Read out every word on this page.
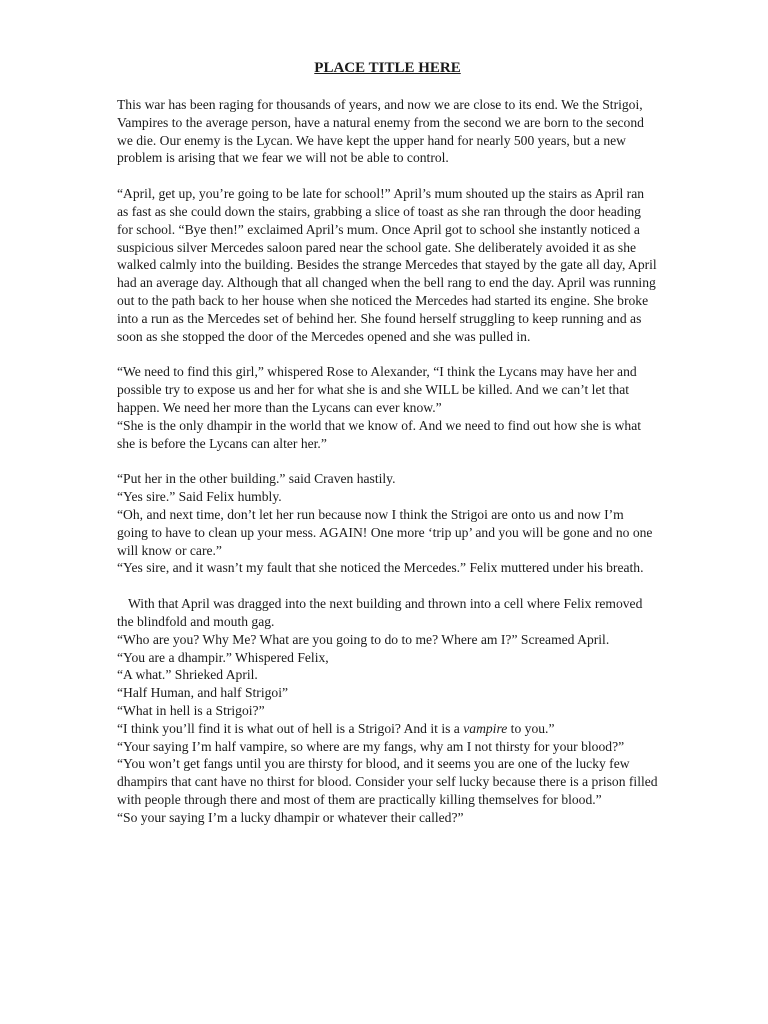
PLACE TITLE HERE
This war has been raging for thousands of years, and now we are close to its end. We the Strigoi, Vampires to the average person, have a natural enemy from the second we are born to the second we die. Our enemy is the Lycan. We have kept the upper hand for nearly 500 years, but a new problem is arising that we fear we will not be able to control.
“April, get up, you’re going to be late for school!” April’s mum shouted up the stairs as April ran as fast as she could down the stairs, grabbing a slice of toast as she ran through the door heading for school. “Bye then!” exclaimed April’s mum. Once April got to school she instantly noticed a suspicious silver Mercedes saloon pared near the school gate. She deliberately avoided it as she walked calmly into the building. Besides the strange Mercedes that stayed by the gate all day, April had an average day. Although that all changed when the bell rang to end the day. April was running out to the path back to her house when she noticed the Mercedes had started its engine. She broke into a run as the Mercedes set of behind her. She found herself struggling to keep running and as soon as she stopped the door of the Mercedes opened and she was pulled in.
“We need to find this girl,” whispered Rose to Alexander, “I think the Lycans may have her and possible try to expose us and her for what she is and she WILL be killed. And we can’t let that happen. We need her more than the Lycans can ever know.”
“She is the only dhampir in the world that we know of. And we need to find out how she is what she is before the Lycans can alter her.”
“Put her in the other building.” said Craven hastily.
“Yes sire.” Said Felix humbly.
“Oh, and next time, don’t let her run because now I think the Strigoi are onto us and now I’m going to have to clean up your mess. AGAIN! One more ‘trip up’ and you will be gone and no one will know or care.”
“Yes sire, and it wasn’t my fault that she noticed the Mercedes.” Felix muttered under his breath.
With that April was dragged into the next building and thrown into a cell where Felix removed the blindfold and mouth gag.
“Who are you? Why Me? What are you going to do to me? Where am I?” Screamed April.
“You are a dhampir.” Whispered Felix,
“A what.” Shrieked April.
“Half Human, and half Strigoi”
“What in hell is a Strigoi?”
“I think you’ll find it is what out of hell is a Strigoi? And it is a vampire to you.”
“Your saying I’m half vampire, so where are my fangs, why am I not thirsty for your blood?”
“You won’t get fangs until you are thirsty for blood, and it seems you are one of the lucky few dhampirs that cant have no thirst for blood. Consider your self lucky because there is a prison filled with people through there and most of them are practically killing themselves for blood.”
“So your saying I’m a lucky dhampir or whatever their called?”
